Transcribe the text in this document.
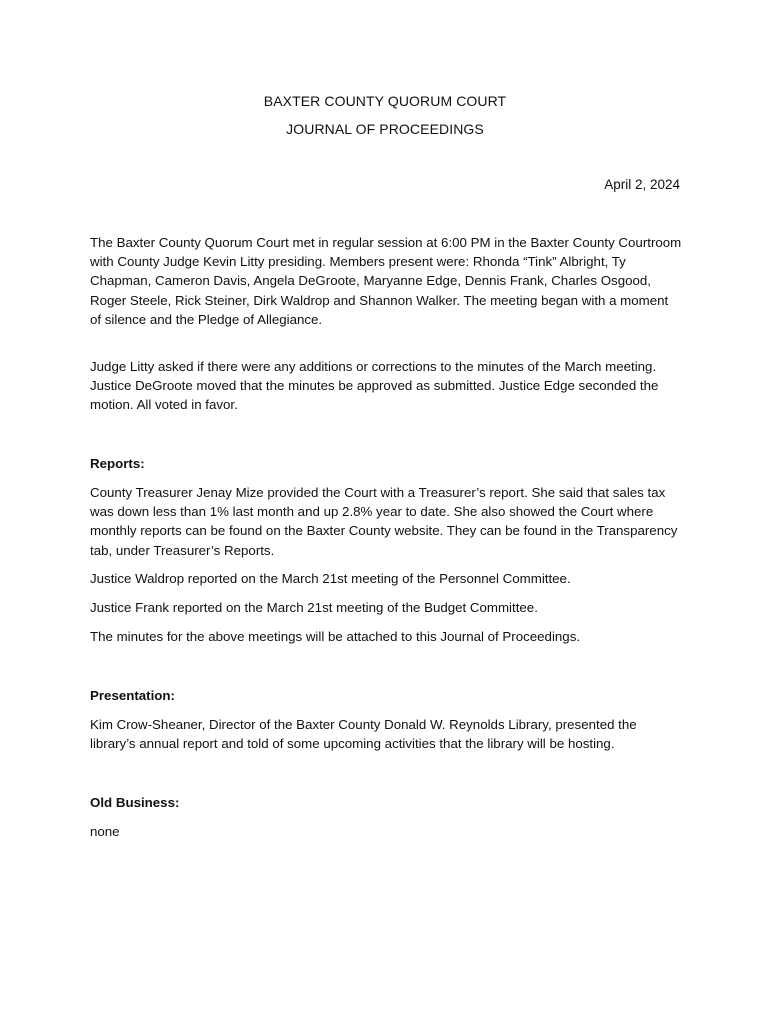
BAXTER COUNTY QUORUM COURT
JOURNAL OF PROCEEDINGS
April 2, 2024

The Baxter County Quorum Court met in regular session at 6:00 PM in the Baxter County Courtroom with County Judge Kevin Litty presiding. Members present were: Rhonda “Tink” Albright, Ty Chapman, Cameron Davis, Angela DeGroote, Maryanne Edge, Dennis Frank, Charles Osgood, Roger Steele, Rick Steiner, Dirk Waldrop and Shannon Walker. The meeting began with a moment of silence and the Pledge of Allegiance.

Judge Litty asked if there were any additions or corrections to the minutes of the March meeting. Justice DeGroote moved that the minutes be approved as submitted. Justice Edge seconded the motion. All voted in favor.

Reports:

County Treasurer Jenay Mize provided the Court with a Treasurer’s report. She said that sales tax was down less than 1% last month and up 2.8% year to date. She also showed the Court where monthly reports can be found on the Baxter County website. They can be found in the Transparency tab, under Treasurer’s Reports.

Justice Waldrop reported on the March 21st meeting of the Personnel Committee.

Justice Frank reported on the March 21st meeting of the Budget Committee.

The minutes for the above meetings will be attached to this Journal of Proceedings.

Presentation:

Kim Crow-Sheaner, Director of the Baxter County Donald W. Reynolds Library, presented the library’s annual report and told of some upcoming activities that the library will be hosting.

Old Business:

none
